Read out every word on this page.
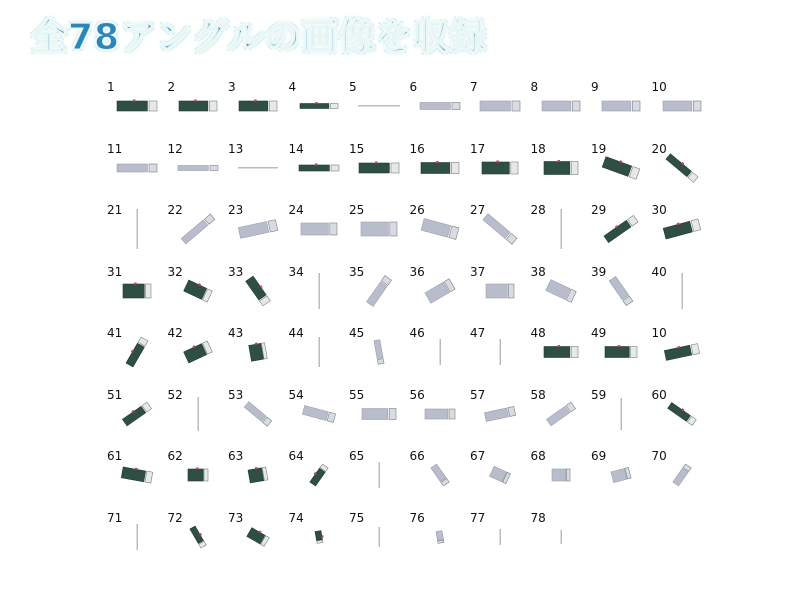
全78アングルの画像を収録
1	2	3	4	5	6	7	8	9	10
11	12	13	14	15	16	17	18	19	20
21	22	23	24	25	26	27	28	29	30
31	32	33	34	35	36	37	38	39	40
41	42	43	44	45	46	47	48	49	10
51	52	53	54	55	56	57	58	59	60
61	62	63	64	65	66	67	68	69	70
71	72	73	74	75	76	77	78
